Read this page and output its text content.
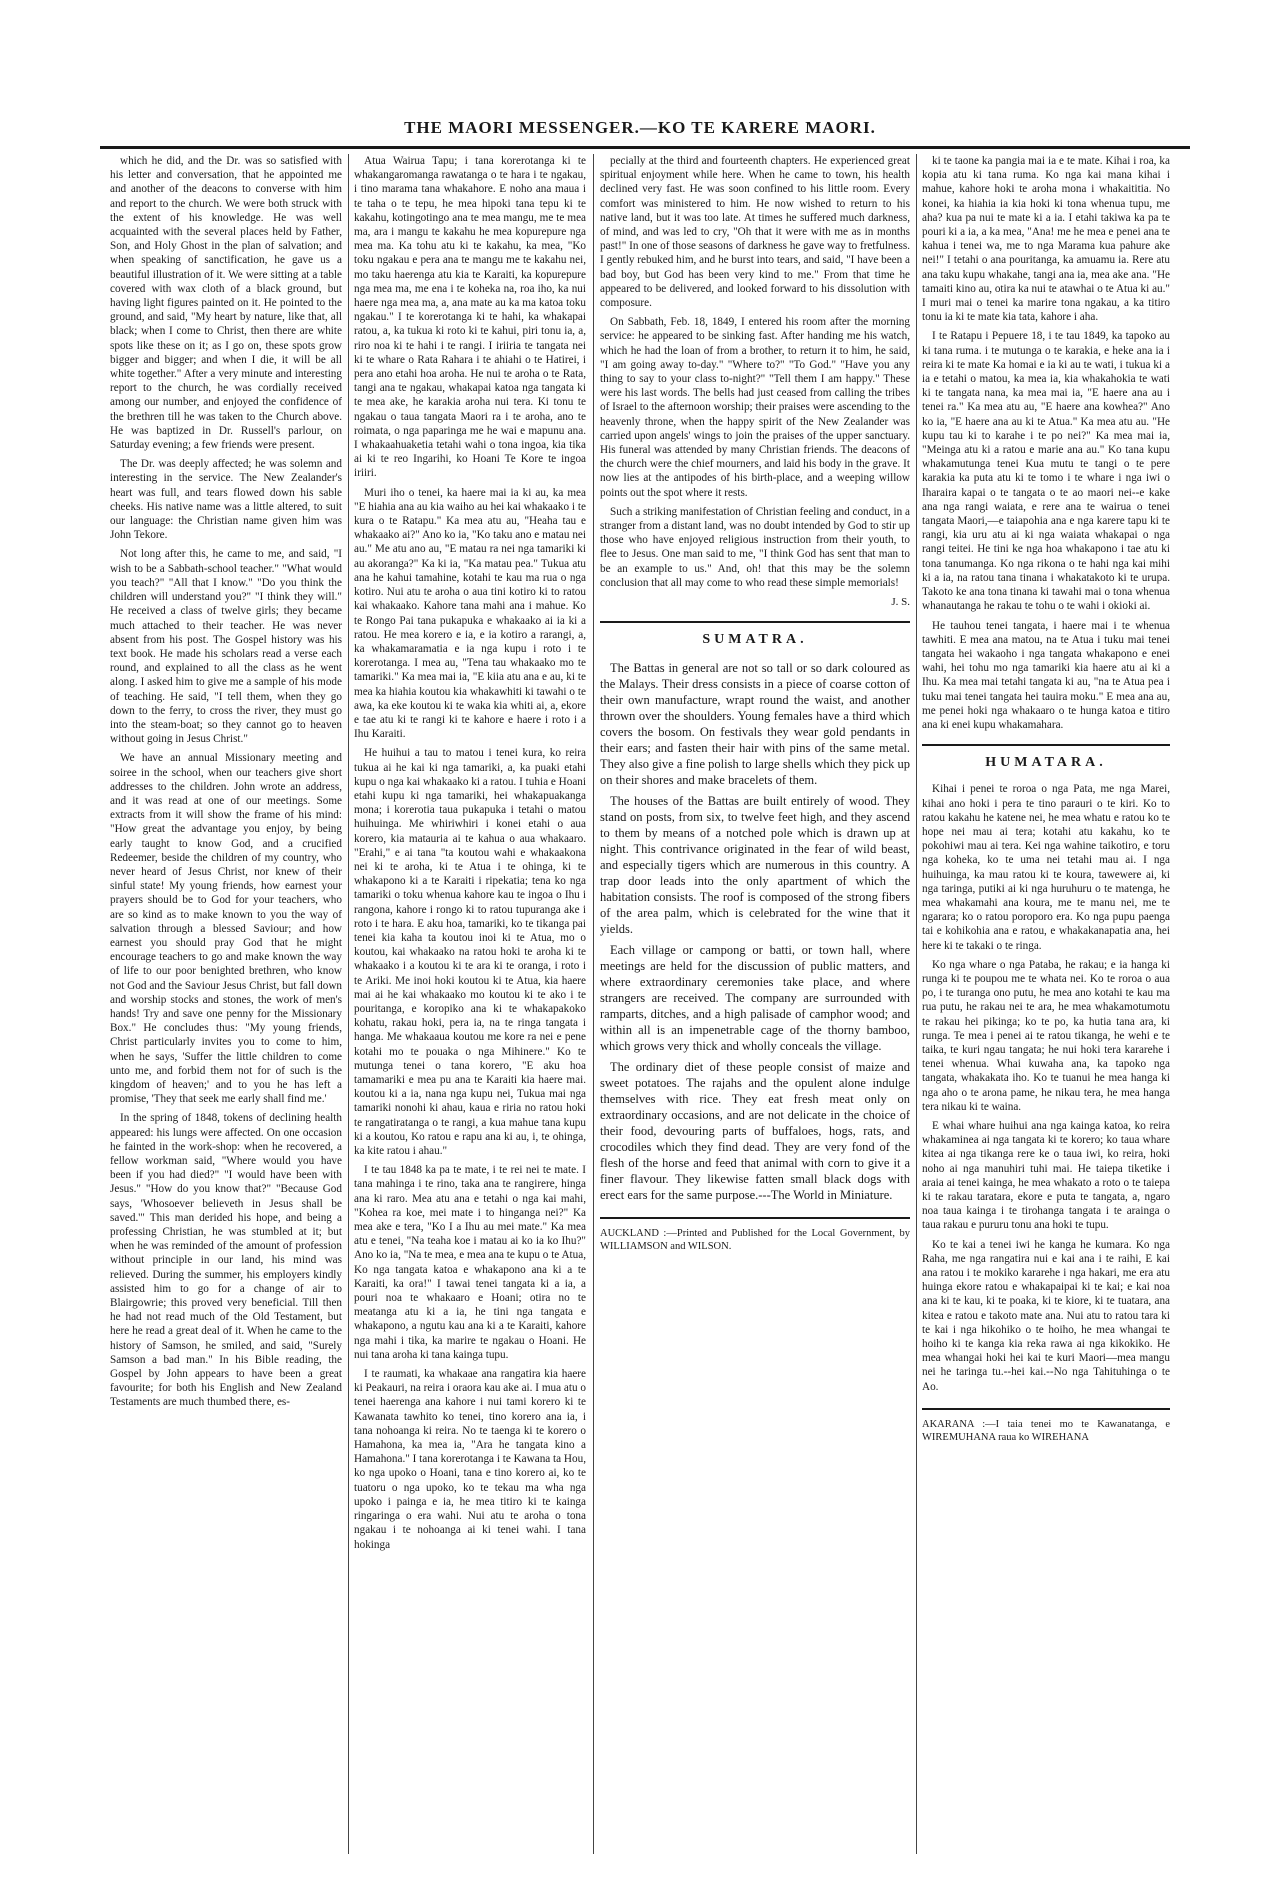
THE MAORI MESSENGER.—KO TE KARERE MAORI.

which he did, and the Dr. was so satisfied with his letter and conversation, that he appointed me and another of the deacons to converse with him and report to the church. We were both struck with the extent of his knowledge. He was well acquainted with the several places held by Father, Son, and Holy Ghost in the plan of salvation; and when speaking of sanctification, he gave us a beautiful illustration of it. We were sitting at a table covered with wax cloth of a black ground, but having light figures painted on it. He pointed to the ground, and said, "My heart by nature, like that, all black; when I come to Christ, then there are white spots like these on it; as I go on, these spots grow bigger and bigger; and when I die, it will be all white together." After a very minute and interesting report to the church, he was cordially received among our number, and enjoyed the confidence of the brethren till he was taken to the Church above. He was baptized in Dr. Russell's parlour, on Saturday evening; a few friends were present.

The Dr. was deeply affected; he was solemn and interesting in the service. The New Zealander's heart was full, and tears flowed down his sable cheeks. His native name was a little altered, to suit our language: the Christian name given him was John Tekore.

Not long after this, he came to me, and said, "I wish to be a Sabbath-school teacher." "What would you teach?" "All that I know." "Do you think the children will understand you?" "I think they will." He received a class of twelve girls; they became much attached to their teacher. He was never absent from his post. The Gospel history was his text book. He made his scholars read a verse each round, and explained to all the class as he went along. I asked him to give me a sample of his mode of teaching. He said, "I tell them, when they go down to the ferry, to cross the river, they must go into the steam-boat; so they cannot go to heaven without going in Jesus Christ."

We have an annual Missionary meeting and soiree in the school, when our teachers give short addresses to the children. John wrote an address, and it was read at one of our meetings. Some extracts from it will show the frame of his mind: "How great the advantage you enjoy, by being early taught to know God, and a crucified Redeemer, beside the children of my country, who never heard of Jesus Christ, nor knew of their sinful state! My young friends, how earnest your prayers should be to God for your teachers, who are so kind as to make known to you the way of salvation through a blessed Saviour; and how earnest you should pray God that he might encourage teachers to go and make known the way of life to our poor benighted brethren, who know not God and the Saviour Jesus Christ, but fall down and worship stocks and stones, the work of men's hands! Try and save one penny for the Missionary Box." He concludes thus: "My young friends, Christ particularly invites you to come to him, when he says, 'Suffer the little children to come unto me, and forbid them not for of such is the kingdom of heaven;' and to you he has left a promise, 'They that seek me early shall find me.'

In the spring of 1848, tokens of declining health appeared: his lungs were affected. On one occasion he fainted in the work-shop: when he recovered, a fellow workman said, "Where would you have been if you had died?" "I would have been with Jesus." "How do you know that?" "Because God says, 'Whosoever believeth in Jesus shall be saved.'" This man derided his hope, and being a professing Christian, he was stumbled at it; but when he was reminded of the amount of profession without principle in our land, his mind was relieved. During the summer, his employers kindly assisted him to go for a change of air to Blairgowrie; this proved very beneficial. Till then he had not read much of the Old Testament, but here he read a great deal of it. When he came to the history of Samson, he smiled, and said, "Surely Samson a bad man." In his Bible reading, the Gospel by John appears to have been a great favourite; for both his English and New Zealand Testaments are much thumbed there, es-

Atua Wairua Tapu; i tana korerotanga ki te whakangaromanga rawatanga o te hara i te ngakau, i tino marama tana whakahore. E noho ana maua i te taha o te tepu, he mea hipoki tana tepu ki te kakahu, kotingotingo ana te mea mangu, me te mea ma, ara i mangu te kakahu he mea kopurepure nga mea ma. Ka tohu atu ki te kakahu, ka mea, "Ko toku ngakau e pera ana te mangu me te kakahu nei, mo taku haerenga atu kia te Karaiti, ka kopurepure nga mea ma, me ena i te koheka na, roa iho, ka nui haere nga mea ma, a, ana mate au ka ma katoa toku ngakau." I te korerotanga ki te hahi, ka whakapai ratou, a, ka tukua ki roto ki te kahui, piri tonu ia, a, riro noa ki te hahi i te rangi. I iriiria te tangata nei ki te whare o Rata Rahara i te ahiahi o te Hatirei, i pera ano etahi hoa aroha. He nui te aroha o te Rata, tangi ana te ngakau, whakapai katoa nga tangata ki te mea ake, he karakia aroha nui tera. Ki tonu te ngakau o taua tangata Maori ra i te aroha, ano te roimata, o nga paparinga me he wai e mapunu ana. I whakaahuaketia tetahi wahi o tona ingoa, kia tika ai ki te reo Ingarihi, ko Hoani Te Kore te ingoa iriiri.

Muri iho o tenei, ka haere mai ia ki au, ka mea "E hiahia ana au kia waiho au hei kai whakaako i te kura o te Ratapu." Ka mea atu au, "Heaha tau e whakaako ai?" Ano ko ia, "Ko taku ano e matau nei au." Me atu ano au, "E matau ra nei nga tamariki ki au akoranga?" Ka ki ia, "Ka matau pea." Tukua atu ana he kahui tamahine, kotahi te kau ma rua o nga kotiro. Nui atu te aroha o aua tini kotiro ki to ratou kai whakaako. Kahore tana mahi ana i mahue. Ko te Rongo Pai tana pukapuka e whakaako ai ia ki a ratou. He mea korero e ia, e ia kotiro a rarangi, a, ka whakamaramatia e ia nga kupu i roto i te korerotanga. I mea au, "Tena tau whakaako mo te tamariki." Ka mea mai ia, "E kiia atu ana e au, ki te mea ka hiahia koutou kia whakawhiti ki tawahi o te awa, ka eke koutou ki te waka kia whiti ai, a, ekore e tae atu ki te rangi ki te kahore e haere i roto i a Ihu Karaiti.

He huihui a tau to matou i tenei kura, ko reira tukua ai he kai ki nga tamariki, a, ka puaki etahi kupu o nga kai whakaako ki a ratou. I tuhia e Hoani etahi kupu ki nga tamariki, hei whakapuakanga mona; i korerotia taua pukapuka i tetahi o matou huihuinga. Me whiriwhiri i konei etahi o aua korero, kia matauria ai te kahua o aua whakaaro. "Erahi," e ai tana "ta koutou wahi e whakaakona nei ki te aroha, ki te Atua i te ohinga, ki te whakapono ki a te Karaiti i ripekatia; tena ko nga tamariki o toku whenua kahore kau te ingoa o Ihu i rangona, kahore i rongo ki to ratou tupuranga ake i roto i te hara. E aku hoa, tamariki, ko te tikanga pai tenei kia kaha ta koutou inoi ki te Atua, mo o koutou, kai whakaako na ratou hoki te aroha ki te whakaako i a koutou ki te ara ki te oranga, i roto i te Ariki. Me inoi hoki koutou ki te Atua, kia haere mai ai he kai whakaako mo koutou ki te ako i te pouritanga, e koropiko ana ki te whakapakoko kohatu, rakau hoki, pera ia, na te ringa tangata i hanga. Me whakaaua koutou me kore ra nei e pene kotahi mo te pouaka o nga Mihinere." Ko te mutunga tenei o tana korero, "E aku hoa tamamariki e mea pu ana te Karaiti kia haere mai. koutou ki a ia, nana nga kupu nei, Tukua mai nga tamariki nonohi ki ahau, kaua e riria no ratou hoki te rangatiratanga o te rangi, a kua mahue tana kupu ki a koutou, Ko ratou e rapu ana ki au, i, te ohinga, ka kite ratou i ahau."

I te tau 1848 ka pa te mate, i te rei nei te mate. I tana mahinga i te rino, taka ana te rangirere, hinga ana ki raro. Mea atu ana e tetahi o nga kai mahi, "Kohea ra koe, mei mate i to hinganga nei?" Ka mea ake e tera, "Ko I a Ihu au mei mate." Ka mea atu e tenei, "Na teaha koe i matau ai ko ia ko Ihu?" Ano ko ia, "Na te mea, e mea ana te kupu o te Atua, Ko nga tangata katoa e whakapono ana ki a te Karaiti, ka ora!" I tawai tenei tangata ki a ia, a pouri noa te whakaaro e Hoani; otira no te meatanga atu ki a ia, he tini nga tangata e whakapono, a ngutu kau ana ki a te Karaiti, kahore nga mahi i tika, ka marire te ngakau o Hoani. He nui tana aroha ki tana kainga tupu.

I te raumati, ka whakaae ana rangatira kia haere ki Peakauri, na reira i oraora kau ake ai. I mua atu o tenei haerenga ana kahore i nui tami korero ki te Kawanata tawhito ko tenei, tino korero ana ia, i tana nohoanga ki reira. No te taenga ki te korero o Hamahona, ka mea ia, "Ara he tangata kino a Hamahona." I tana korerotanga i te Kawana ta Hou, ko nga upoko o Hoani, tana e tino korero ai, ko te tuatoru o nga upoko, ko te tekau ma wha nga upoko i painga e ia, he mea titiro ki te kainga ringaringa o era wahi. Nui atu te aroha o tona ngakau i te nohoanga ai ki tenei wahi. I tana hokinga

pecially at the third and fourteenth chapters. He experienced great spiritual enjoyment while here. When he came to town, his health declined very fast. He was soon confined to his little room. Every comfort was ministered to him. He now wished to return to his native land, but it was too late. At times he suffered much darkness, of mind, and was led to cry, "Oh that it were with me as in months past!" In one of those seasons of darkness he gave way to fretfulness. I gently rebuked him, and he burst into tears, and said, "I have been a bad boy, but God has been very kind to me." From that time he appeared to be delivered, and looked forward to his dissolution with composure.

On Sabbath, Feb. 18, 1849, I entered his room after the morning service: he appeared to be sinking fast. After handing me his watch, which he had the loan of from a brother, to return it to him, he said, "I am going away to-day." "Where to?" "To God." "Have you any thing to say to your class to-night?" "Tell them I am happy." These were his last words. The bells had just ceased from calling the tribes of Israel to the afternoon worship; their praises were ascending to the heavenly throne, when the happy spirit of the New Zealander was carried upon angels' wings to join the praises of the upper sanctuary. His funeral was attended by many Christian friends. The deacons of the church were the chief mourners, and laid his body in the grave. It now lies at the antipodes of his birth-place, and a weeping willow points out the spot where it rests.

Such a striking manifestation of Christian feeling and conduct, in a stranger from a distant land, was no doubt intended by God to stir up those who have enjoyed religious instruction from their youth, to flee to Jesus. One man said to me, "I think God has sent that man to be an example to us." And, oh! that this may be the solemn conclusion that all may come to who read these simple memorials!

J. S.
SUMATRA.

The Battas in general are not so tall or so dark coloured as the Malays. Their dress consists in a piece of coarse cotton of their own manufacture, wrapt round the waist, and another thrown over the shoulders. Young females have a third which covers the bosom. On festivals they wear gold pendants in their ears; and fasten their hair with pins of the same metal. They also give a fine polish to large shells which they pick up on their shores and make bracelets of them.

The houses of the Battas are built entirely of wood. They stand on posts, from six, to twelve feet high, and they ascend to them by means of a notched pole which is drawn up at night. This contrivance originated in the fear of wild beast, and especially tigers which are numerous in this country. A trap door leads into the only apartment of which the habitation consists. The roof is composed of the strong fibers of the area palm, which is celebrated for the wine that it yields.

Each village or campong or batti, or town hall, where meetings are held for the discussion of public matters, and where extraordinary ceremonies take place, and where strangers are received. The company are surrounded with ramparts, ditches, and a high palisade of camphor wood; and within all is an impenetrable cage of the thorny bamboo, which grows very thick and wholly conceals the village.

The ordinary diet of these people consist of maize and sweet potatoes. The rajahs and the opulent alone indulge themselves with rice. They eat fresh meat only on extraordinary occasions, and are not delicate in the choice of their food, devouring parts of buffaloes, hogs, rats, and crocodiles which they find dead. They are very fond of the flesh of the horse and feed that animal with corn to give it a finer flavour. They likewise fatten small black dogs with erect ears for the same purpose.---The World in Miniature.

AUCKLAND :—Printed and Published for the Local Government, by WILLIAMSON and WILSON.

ki te taone ka pangia mai ia e te mate. Kihai i roa, ka kopia atu ki tana ruma. Ko nga kai mana kihai i mahue, kahore hoki te aroha mona i whakaititia. No konei, ka hiahia ia kia hoki ki tona whenua tupu, me aha? kua pa nui te mate ki a ia. I etahi takiwa ka pa te pouri ki a ia, a ka mea, "Ana! me he mea e penei ana te kahua i tenei wa, me to nga Marama kua pahure ake nei!" I tetahi o ana pouritanga, ka amuamu ia. Rere atu ana taku kupu whakahe, tangi ana ia, mea ake ana. "He tamaiti kino au, otira ka nui te atawhai o te Atua ki au." I muri mai o tenei ka marire tona ngakau, a ka titiro tonu ia ki te mate kia tata, kahore i aha.

I te Ratapu i Pepuere 18, i te tau 1849, ka tapoko au ki tana ruma. i te mutunga o te karakia, e heke ana ia i reira ki te mate Ka homai e ia ki au te wati, i tukua ki a ia e tetahi o matou, ka mea ia, kia whakahokia te wati ki te tangata nana, ka mea mai ia, "E haere ana au i tenei ra." Ka mea atu au, "E haere ana kowhea?" Ano ko ia, "E haere ana au ki te Atua." Ka mea atu au. "He kupu tau ki to karahe i te po nei?" Ka mea mai ia, "Meinga atu ki a ratou e marie ana au." Ko tana kupu whakamutunga tenei Kua mutu te tangi o te pere karakia ka puta atu ki te tomo i te whare i nga iwi o Iharaira kapai o te tangata o te ao maori nei--e kake ana nga rangi waiata, e rere ana te wairua o tenei tangata Maori,—e taiapohia ana e nga karere tapu ki te rangi, kia uru atu ai ki nga waiata whakapai o nga rangi teitei. He tini ke nga hoa whakapono i tae atu ki tona tanumanga. Ko nga rikona o te hahi nga kai mihi ki a ia, na ratou tana tinana i whakatakoto ki te urupa. Takoto ke ana tona tinana ki tawahi mai o tona whenua whanautanga he rakau te tohu o te wahi i okioki ai.

He tauhou tenei tangata, i haere mai i te whenua tawhiti. E mea ana matou, na te Atua i tuku mai tenei tangata hei wakaoho i nga tangata whakapono e enei wahi, hei tohu mo nga tamariki kia haere atu ai ki a Ihu. Ka mea mai tetahi tangata ki au, "na te Atua pea i tuku mai tenei tangata hei tauira moku." E mea ana au, me penei hoki nga whakaaro o te hunga katoa e titiro ana ki enei kupu whakamahara.

HUMATARA.

Kihai i penei te roroa o nga Pata, me nga Marei, kihai ano hoki i pera te tino parauri o te kiri. Ko to ratou kakahu he katene nei, he mea whatu e ratou ko te hope nei mau ai tera; kotahi atu kakahu, ko te pokohiwi mau ai tera. Kei nga wahine taikotiro, e toru nga koheka, ko te uma nei tetahi mau ai. I nga huihuinga, ka mau ratou ki te koura, tawewere ai, ki nga taringa, putiki ai ki nga huruhuru o te matenga, he mea whakamahi ana koura, me te manu nei, me te ngarara; ko o ratou poroporo era. Ko nga pupu paenga tai e kohikohia ana e ratou, e whakakanapatia ana, hei here ki te takaki o te ringa.

Ko nga whare o nga Pataba, he rakau; e ia hanga ki runga ki te poupou me te whata nei. Ko te roroa o aua po, i te turanga ono putu, he mea ano kotahi te kau ma rua putu, he rakau nei te ara, he mea whakamotumotu te rakau hei pikinga; ko te po, ka hutia tana ara, ki runga. Te mea i penei ai te ratou tikanga, he wehi e te taika, te kuri ngau tangata; he nui hoki tera kararehe i tenei whenua. Whai kuwaha ana, ka tapoko nga tangata, whakakata iho. Ko te tuanui he mea hanga ki nga aho o te arona pame, he nikau tera, he mea hanga tera nikau ki te waina.

E whai whare huihui ana nga kainga katoa, ko reira whakaminea ai nga tangata ki te korero; ko taua whare kitea ai nga tikanga rere ke o taua iwi, ko reira, hoki noho ai nga manuhiri tuhi mai. He taiepa tiketike i araia ai tenei kainga, he mea whakato a roto o te taiepa ki te rakau taratara, ekore e puta te tangata, a, ngaro noa taua kainga i te tirohanga tangata i te arainga o taua rakau e pururu tonu ana hoki te tupu.

Ko te kai a tenei iwi he kanga he kumara. Ko nga Raha, me nga rangatira nui e kai ana i te raihi, E kai ana ratou i te mokiko kararehe i nga hakari, me era atu huinga ekore ratou e whakapaipai ki te kai; e kai noa ana ki te kau, ki te poaka, ki te kiore, ki te tuatara, ana kitea e ratou e takoto mate ana. Nui atu to ratou tara ki te kai i nga hikohiko o te hoiho, he mea whangai te hoiho ki te kanga kia reka rawa ai nga kikokiko. He mea whangai hoki hei kai te kuri Maori—mea mangu nei he taringa tu.--hei kai.--No nga Tahituhinga o te Ao.

AKARANA :—I taia tenei mo te Kawanatanga, e WIREMUHANA raua ko WIREHANA
